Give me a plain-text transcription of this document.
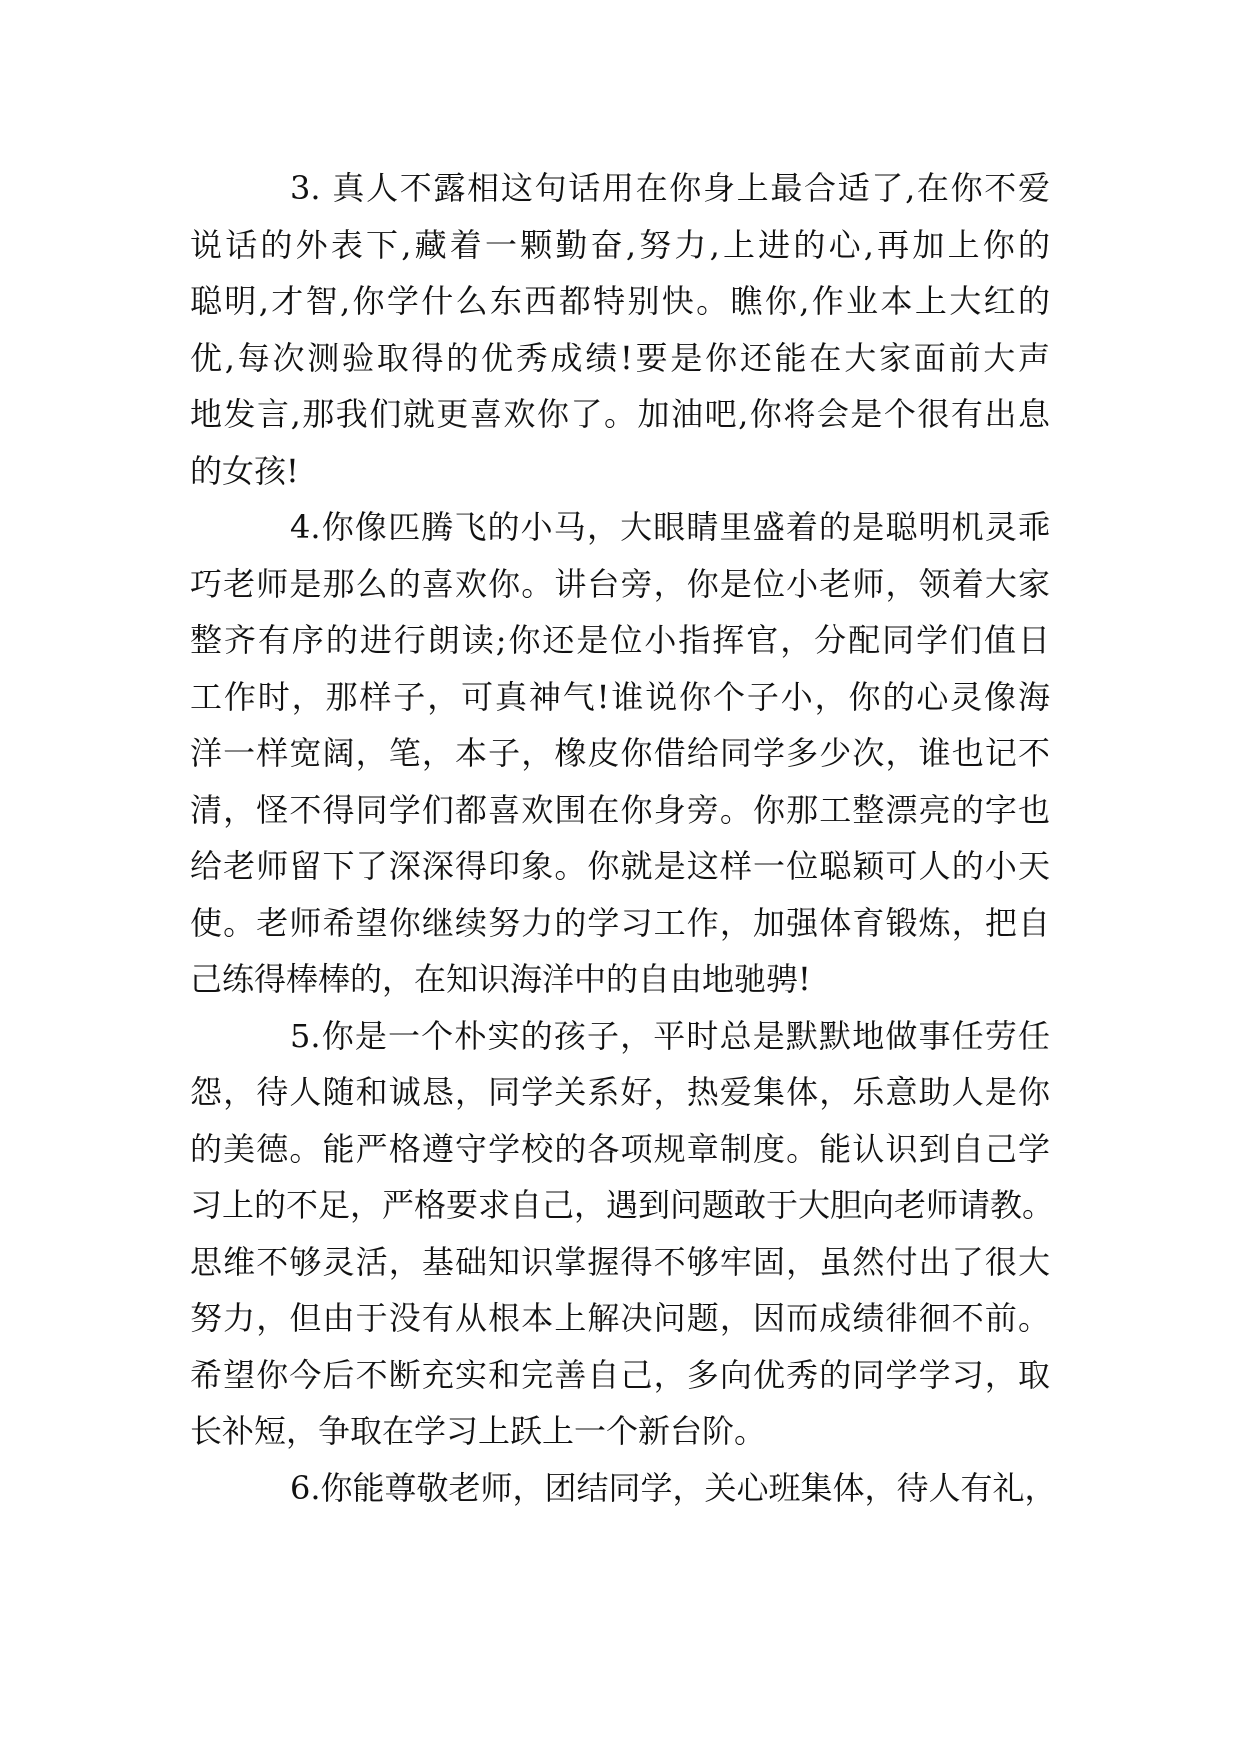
3. 真人不露相这句话用在你身上最合适了,在你不爱
说话的外表下,藏着一颗勤奋,努力,上进的心,再加上你的
聪明,才智,你学什么东西都特别快。瞧你,作业本上大红的
优,每次测验取得的优秀成绩!要是你还能在大家面前大声
地发言,那我们就更喜欢你了。加油吧,你将会是个很有出息
的女孩!
4.你像匹腾飞的小马，大眼睛里盛着的是聪明机灵乖
巧老师是那么的喜欢你。讲台旁，你是位小老师，领着大家
整齐有序的进行朗读;你还是位小指挥官，分配同学们值日
工作时，那样子，可真神气!谁说你个子小，你的心灵像海
洋一样宽阔，笔，本子，橡皮你借给同学多少次，谁也记不
清，怪不得同学们都喜欢围在你身旁。你那工整漂亮的字也
给老师留下了深深得印象。你就是这样一位聪颖可人的小天
使。老师希望你继续努力的学习工作，加强体育锻炼，把自
己练得棒棒的，在知识海洋中的自由地驰骋!
5.你是一个朴实的孩子，平时总是默默地做事任劳任
怨，待人随和诚恳，同学关系好，热爱集体，乐意助人是你
的美德。能严格遵守学校的各项规章制度。能认识到自己学
习上的不足，严格要求自己，遇到问题敢于大胆向老师请教。
思维不够灵活，基础知识掌握得不够牢固，虽然付出了很大
努力，但由于没有从根本上解决问题，因而成绩徘徊不前。
希望你今后不断充实和完善自己，多向优秀的同学学习，取
长补短，争取在学习上跃上一个新台阶。
6.你能尊敬老师，团结同学，关心班集体，待人有礼，
